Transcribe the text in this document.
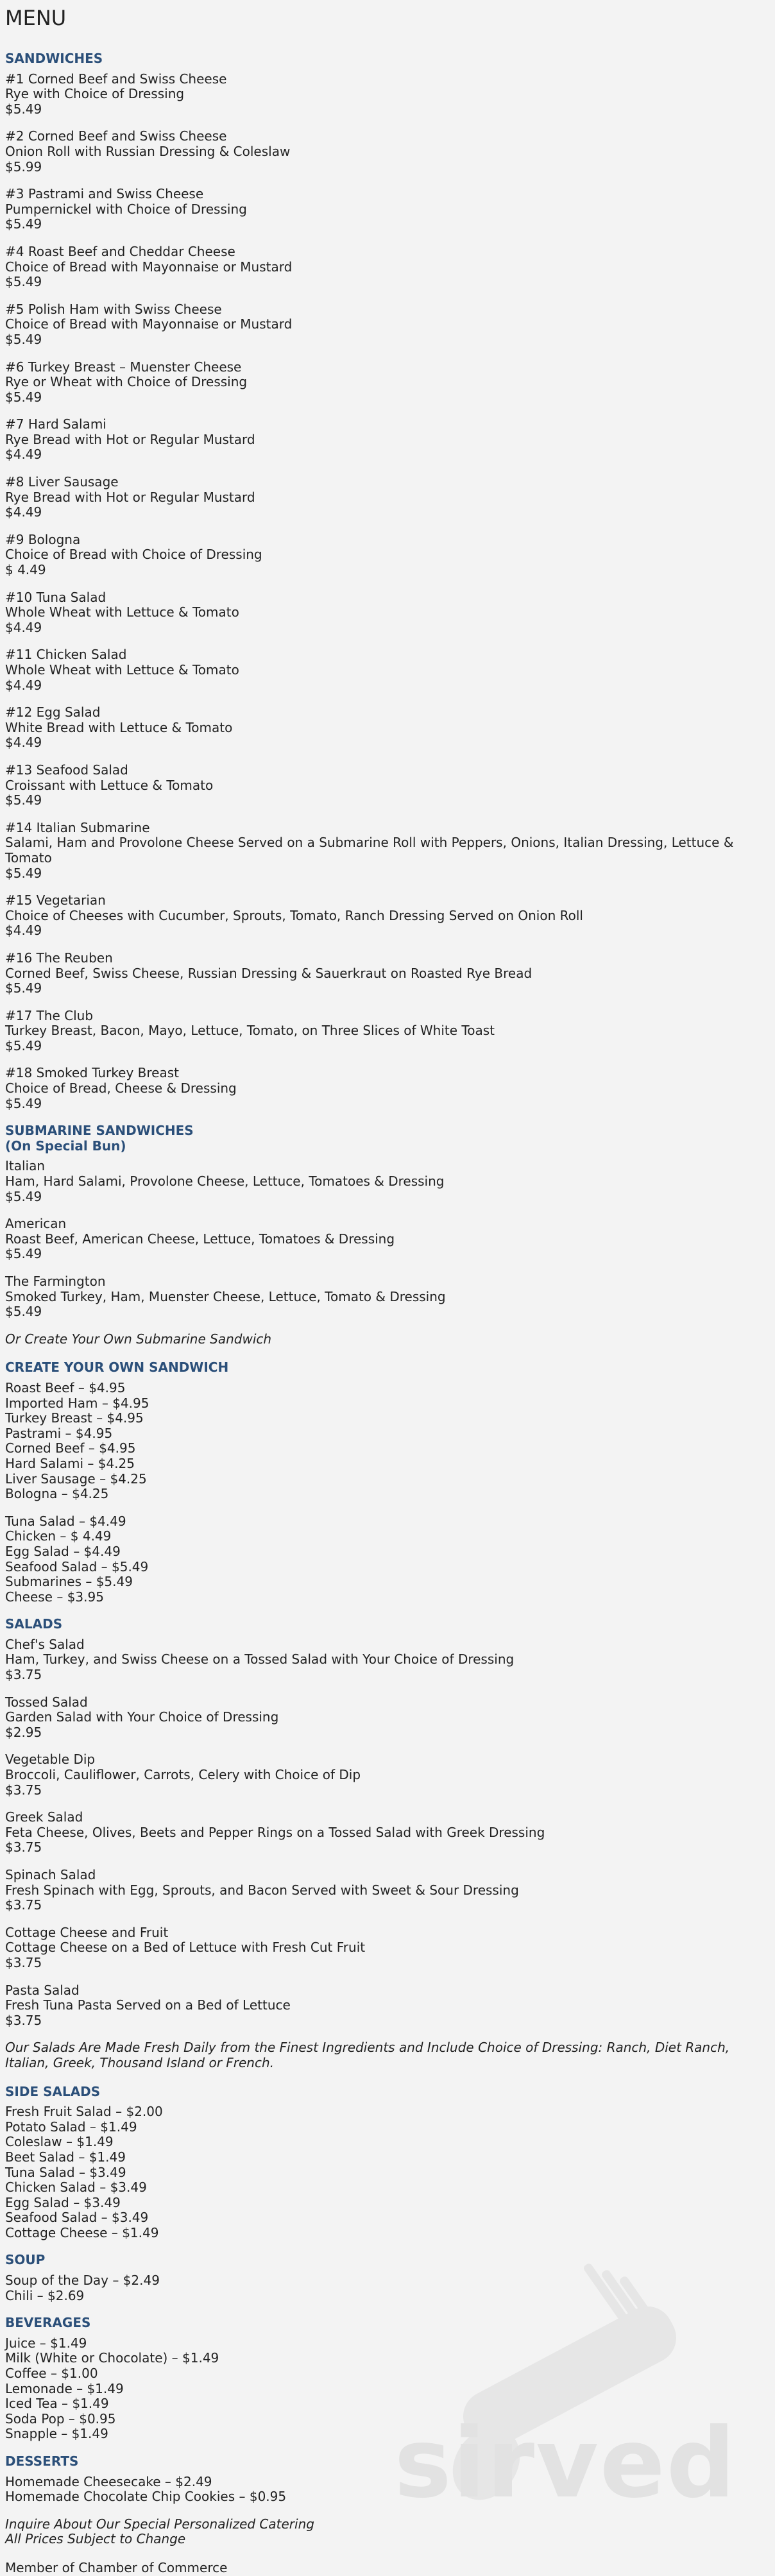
sirved
MENU
SANDWICHES
#1 Corned Beef and Swiss Cheese
Rye with Choice of Dressing
$5.49
#2 Corned Beef and Swiss Cheese
Onion Roll with Russian Dressing & Coleslaw
$5.99
#3 Pastrami and Swiss Cheese
Pumpernickel with Choice of Dressing
$5.49
#4 Roast Beef and Cheddar Cheese
Choice of Bread with Mayonnaise or Mustard
$5.49
#5 Polish Ham with Swiss Cheese
Choice of Bread with Mayonnaise or Mustard
$5.49
#6 Turkey Breast – Muenster Cheese
Rye or Wheat with Choice of Dressing
$5.49
#7 Hard Salami
Rye Bread with Hot or Regular Mustard
$4.49
#8 Liver Sausage
Rye Bread with Hot or Regular Mustard
$4.49
#9 Bologna
Choice of Bread with Choice of Dressing
$ 4.49
#10 Tuna Salad
Whole Wheat with Lettuce & Tomato
$4.49
#11 Chicken Salad
Whole Wheat with Lettuce & Tomato
$4.49
#12 Egg Salad
White Bread with Lettuce & Tomato
$4.49
#13 Seafood Salad
Croissant with Lettuce & Tomato
$5.49
#14 Italian Submarine
Salami, Ham and Provolone Cheese Served on a Submarine Roll with Peppers, Onions, Italian Dressing, Lettuce & Tomato
$5.49
#15 Vegetarian
Choice of Cheeses with Cucumber, Sprouts, Tomato, Ranch Dressing Served on Onion Roll
$4.49
#16 The Reuben
Corned Beef, Swiss Cheese, Russian Dressing & Sauerkraut on Roasted Rye Bread
$5.49
#17 The Club
Turkey Breast, Bacon, Mayo, Lettuce, Tomato, on Three Slices of White Toast
$5.49
#18 Smoked Turkey Breast
Choice of Bread, Cheese & Dressing
$5.49
SUBMARINE SANDWICHES
(On Special Bun)
Italian
Ham, Hard Salami, Provolone Cheese, Lettuce, Tomatoes & Dressing
$5.49
American
Roast Beef, American Cheese, Lettuce, Tomatoes & Dressing
$5.49
The Farmington
Smoked Turkey, Ham, Muenster Cheese, Lettuce, Tomato & Dressing
$5.49
Or Create Your Own Submarine Sandwich
CREATE YOUR OWN SANDWICH
Roast Beef – $4.95
Imported Ham – $4.95
Turkey Breast – $4.95
Pastrami – $4.95
Corned Beef – $4.95
Hard Salami – $4.25
Liver Sausage – $4.25
Bologna – $4.25
Tuna Salad – $4.49
Chicken – $ 4.49
Egg Salad – $4.49
Seafood Salad – $5.49
Submarines – $5.49
Cheese – $3.95
SALADS
Chef's Salad
Ham, Turkey, and Swiss Cheese on a Tossed Salad with Your Choice of Dressing
$3.75
Tossed Salad
Garden Salad with Your Choice of Dressing
$2.95
Vegetable Dip
Broccoli, Cauliflower, Carrots, Celery with Choice of Dip
$3.75
Greek Salad
Feta Cheese, Olives, Beets and Pepper Rings on a Tossed Salad with Greek Dressing
$3.75
Spinach Salad
Fresh Spinach with Egg, Sprouts, and Bacon Served with Sweet & Sour Dressing
$3.75
Cottage Cheese and Fruit
Cottage Cheese on a Bed of Lettuce with Fresh Cut Fruit
$3.75
Pasta Salad
Fresh Tuna Pasta Served on a Bed of Lettuce
$3.75
Our Salads Are Made Fresh Daily from the Finest Ingredients and Include Choice of Dressing: Ranch, Diet Ranch, Italian, Greek, Thousand Island or French.
SIDE SALADS
Fresh Fruit Salad – $2.00
Potato Salad – $1.49
Coleslaw – $1.49
Beet Salad – $1.49
Tuna Salad – $3.49
Chicken Salad – $3.49
Egg Salad – $3.49
Seafood Salad – $3.49
Cottage Cheese – $1.49
SOUP
Soup of the Day – $2.49
Chili – $2.69
BEVERAGES
Juice – $1.49
Milk (White or Chocolate) – $1.49
Coffee – $1.00
Lemonade – $1.49
Iced Tea – $1.49
Soda Pop – $0.95
Snapple – $1.49
DESSERTS
Homemade Cheesecake – $2.49
Homemade Chocolate Chip Cookies – $0.95
Inquire About Our Special Personalized Catering
All Prices Subject to Change
Member of Chamber of Commerce
